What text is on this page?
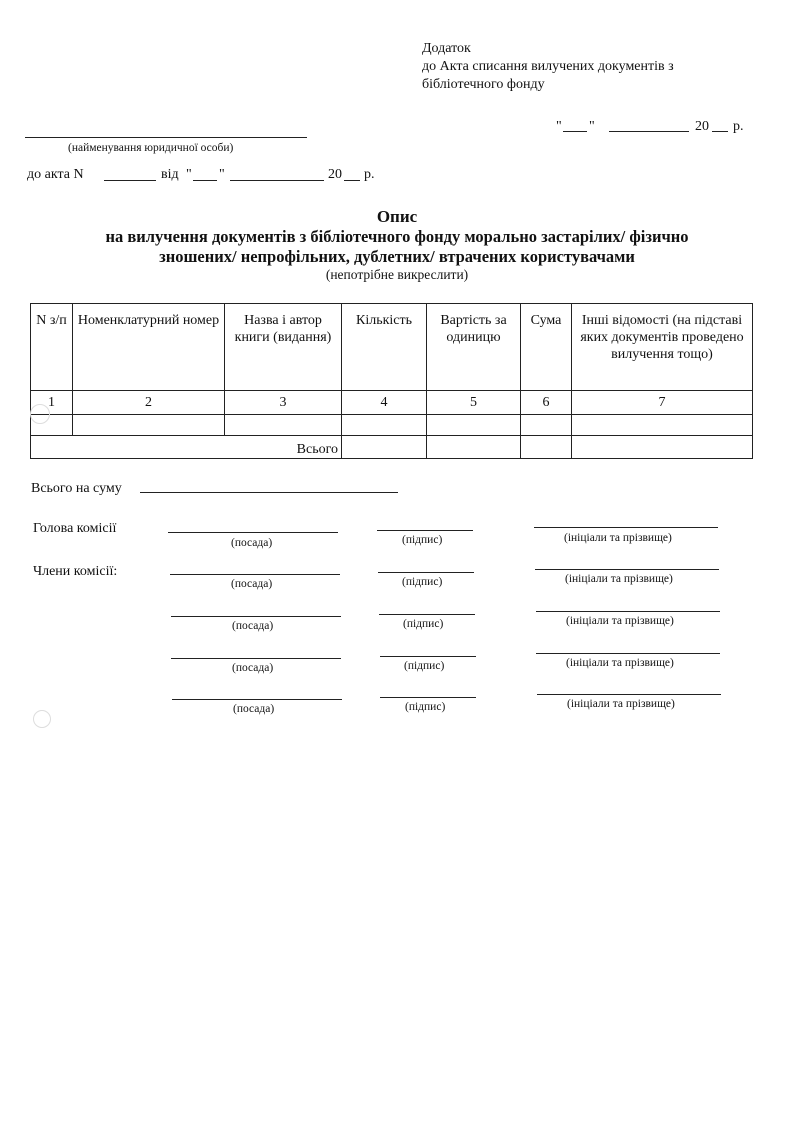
Додаток
до Акта списання вилучених документів з
бібліотечного фонду
" "	20 р.
(найменування юридичної особи)
до акта N	від " "	20 р.
Опис
на вилучення документів з бібліотечного фонду морально застарілих/ фізично
зношених/ непрофільних, дублетних/ втрачених користувачами
(непотрібне викреслити)
N з/п	Номенклатурний номер	Назва і автор книги (видання)	Кількість	Вартість за одиницю	Сума	Інші відомості (на підставі яких документів проведено вилучення тощо)
1	2	3	4	5	6	7

Всього						
Всього на суму
Голова комісії
(посада)	(підпис)	(ініціали та прізвище)
Члени комісії:
(посада)	(підпис)	(ініціали та прізвище)
(посада)	(підпис)	(ініціали та прізвище)
(посада)	(підпис)	(ініціали та прізвище)
(посада)	(підпис)	(ініціали та прізвище)
